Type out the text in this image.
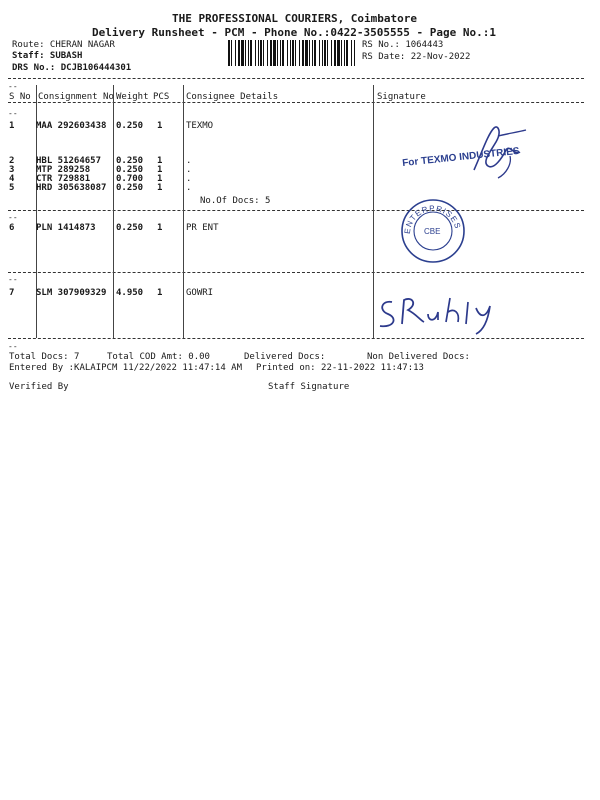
THE PROFESSIONAL COURIERS, Coimbatore
Delivery Runsheet - PCM - Phone No.:0422-3505555 - Page No.:1
Route: CHERAN NAGAR
Staff: SUBASH
DRS No.: DCJB106444301
RS No.: 1064443
RS Date: 22-Nov-2022
--
--
--
--
--
S No Consignment No Weight PCS Consignee Details	Signature
1 MAA 292603438 0.250 1	TEXMO
2 HBL 51264657 0.250 1	.
3 MTP 289258	0.250 1	.
4 CTR 729881	0.700 1	.
5 HRD 305638087 0.250 1	.
No.Of Docs: 5
6 PLN 1414873 0.250 1	PR ENT
7 SLM 307909329 4.950 1	GOWRI
For TEXMO INDUSTRIES
ENTERPRISES
CBE
Total Docs: 7	Total COD Amt: 0.00	Delivered Docs:	Non Delivered Docs:
Entered By :KALAIPCM 11/22/2022 11:47:14 AM Printed on: 22-11-2022 11:47:13
Verified By	Staff Signature
